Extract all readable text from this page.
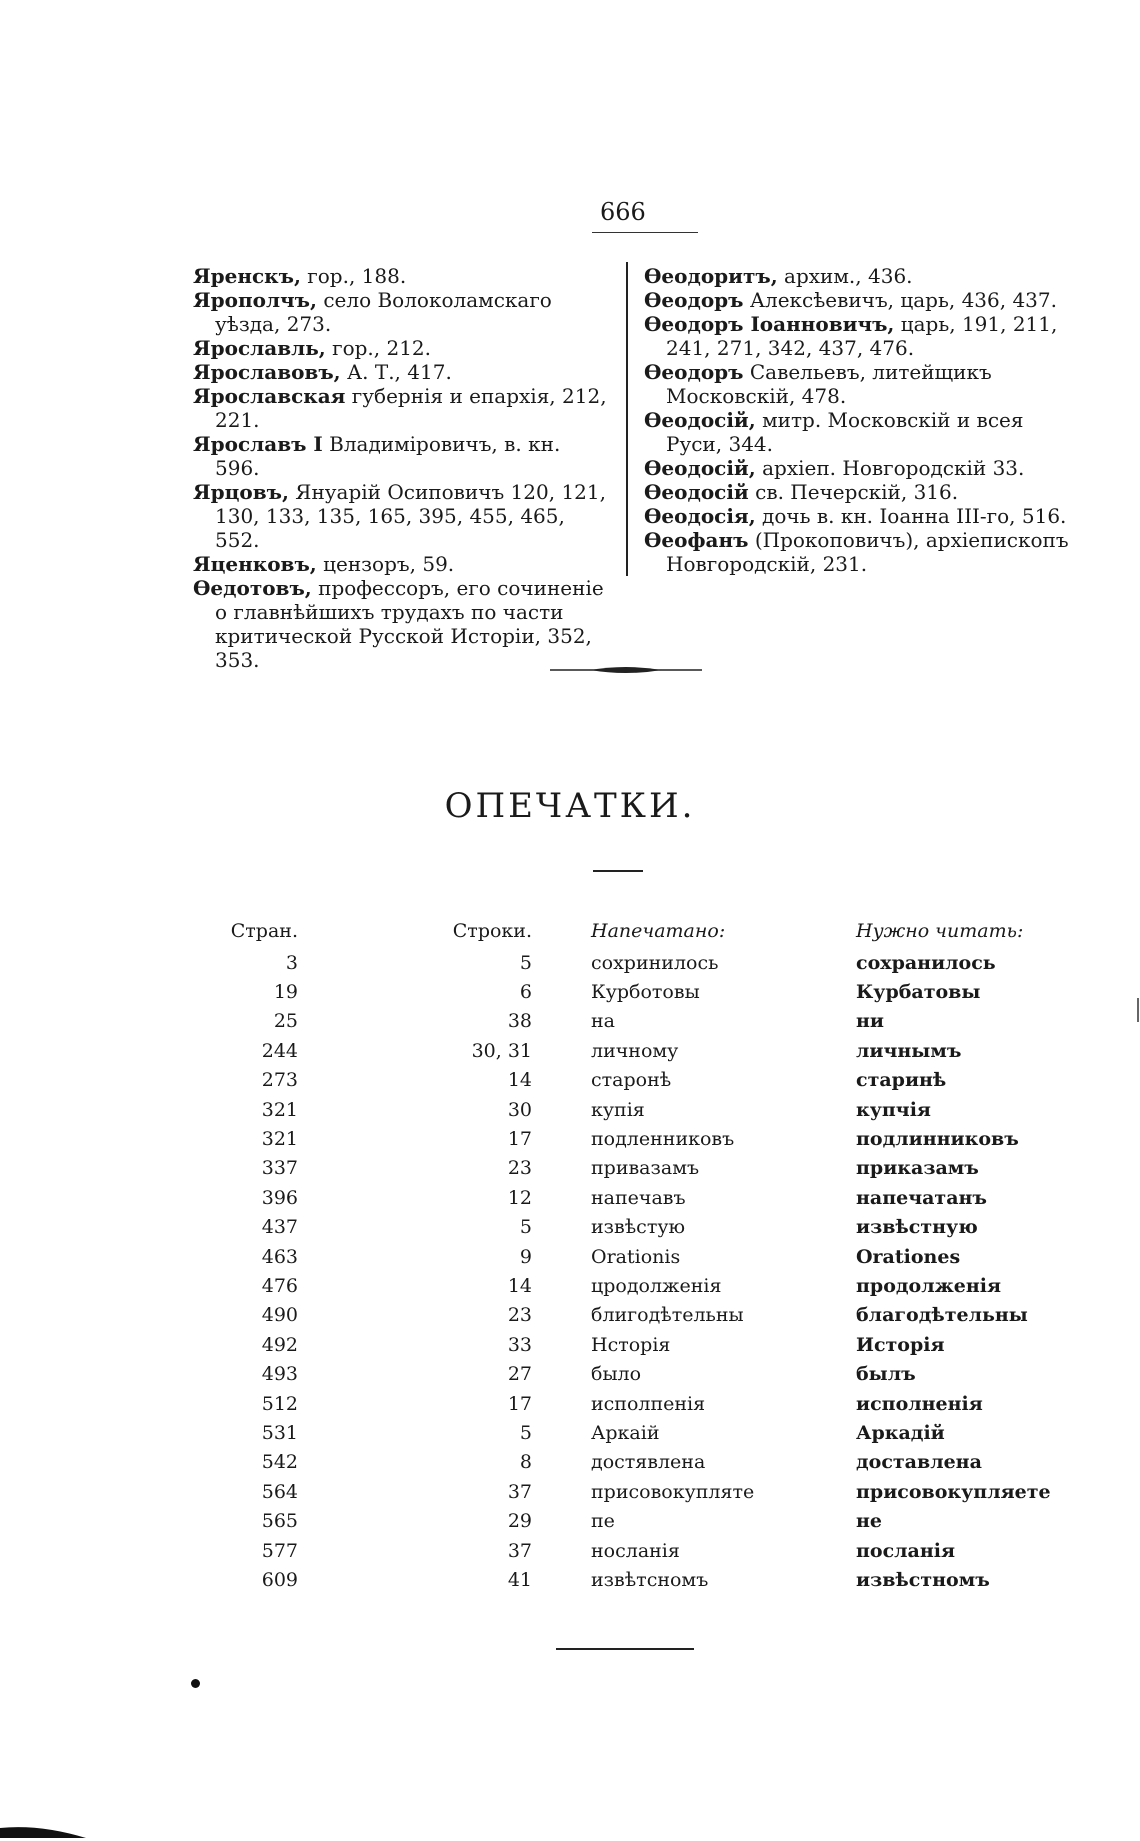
666
Яренскъ, гор., 188.
Ярополчъ, село Волоколамскаго уѣзда, 273.
Ярославль, гор., 212.
Ярославовъ, А. Т., 417.
Ярославская губернія и епархія, 212, 221.
Ярославъ I Владиміровичъ, в. кн. 596.
Ярцовъ, Януарій Осиповичъ 120, 121, 130, 133, 135, 165, 395, 455, 465, 552.
Яценковъ, цензоръ, 59.
Ѳедотовъ, профессоръ, его сочиненіе о главнѣйшихъ трудахъ по части критической Русской Исторіи, 352, 353.
Ѳеодоритъ, архим., 436.
Ѳеодоръ Алексѣевичъ, царь, 436, 437.
Ѳеодоръ Іоанновичъ, царь, 191, 211, 241, 271, 342, 437, 476.
Ѳеодоръ Савельевъ, литейщикъ Московскій, 478.
Ѳеодосій, митр. Московскій и всея Руси, 344.
Ѳеодосій, архіеп. Новгородскій 33.
Ѳеодосій св. Печерскій, 316.
Ѳеодосія, дочь в. кн. Іоанна III-го, 516.
Ѳеофанъ (Прокоповичъ), архіепископъ Новгородскій, 231.
ОПЕЧАТКИ.
Стран.	Строки.	Напечатано:	Нужно читать:
3	5	сохринилось	сохранилось
19	6	Курботовы	Курбатовы
25	38	на	ни
244	30, 31	личному	личнымъ
273	14	старонѣ	старинѣ
321	30	купія	купчія
321	17	подленниковъ	подлинниковъ
337	23	привазамъ	приказамъ
396	12	напечавъ	напечатанъ
437	5	извѣстую	извѣстную
463	9	Orationis	Orationes
476	14	цродолженія	продолженія
490	23	блигодѣтельны	благодѣтельны
492	33	Нсторія	Исторія
493	27	было	былъ
512	17	исполпенія	исполненія
531	5	Аркаій	Аркадій
542	8	достявлена	доставлена
564	37	присовокупляте	присовокупляете
565	29	пе	не
577	37	носланія	посланія
609	41	извѣтсномъ	извѣстномъ
